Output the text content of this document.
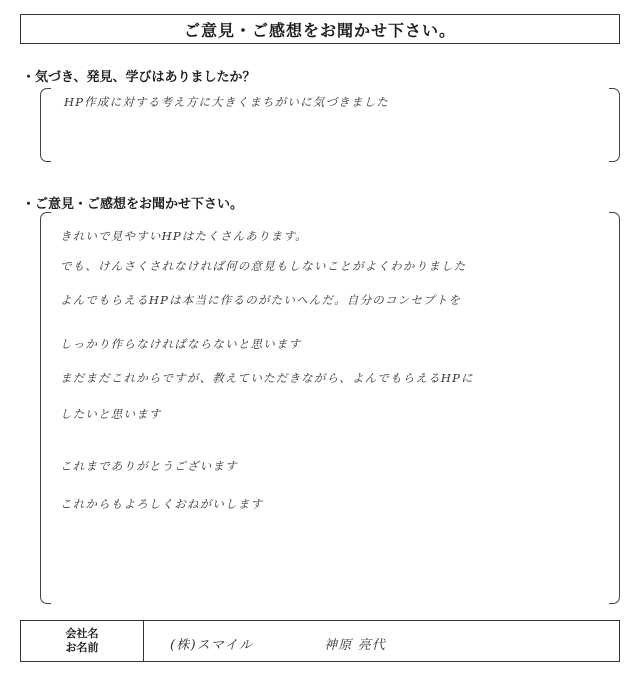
ご意見・ご感想をお聞かせ下さい。
・気づき、発見、学びはありましたか？
HP作成に対する考え方に大きくまちがいに気づきました
・ご意見・ご感想をお聞かせ下さい。
きれいで見やすいHPはたくさんあります。
でも、けんさくされなければ何の意見もしないことがよくわかりました
よんでもらえるHPは本当に作るのがたいへんだ。自分のコンセプトを
しっかり作らなければならないと思います
まだまだこれからですが、教えていただきながら、よんでもらえるHPに
したいと思います
これまでありがとうございます
これからもよろしくおねがいします
会社名
お名前	(株)スマイル	神原 亮代
